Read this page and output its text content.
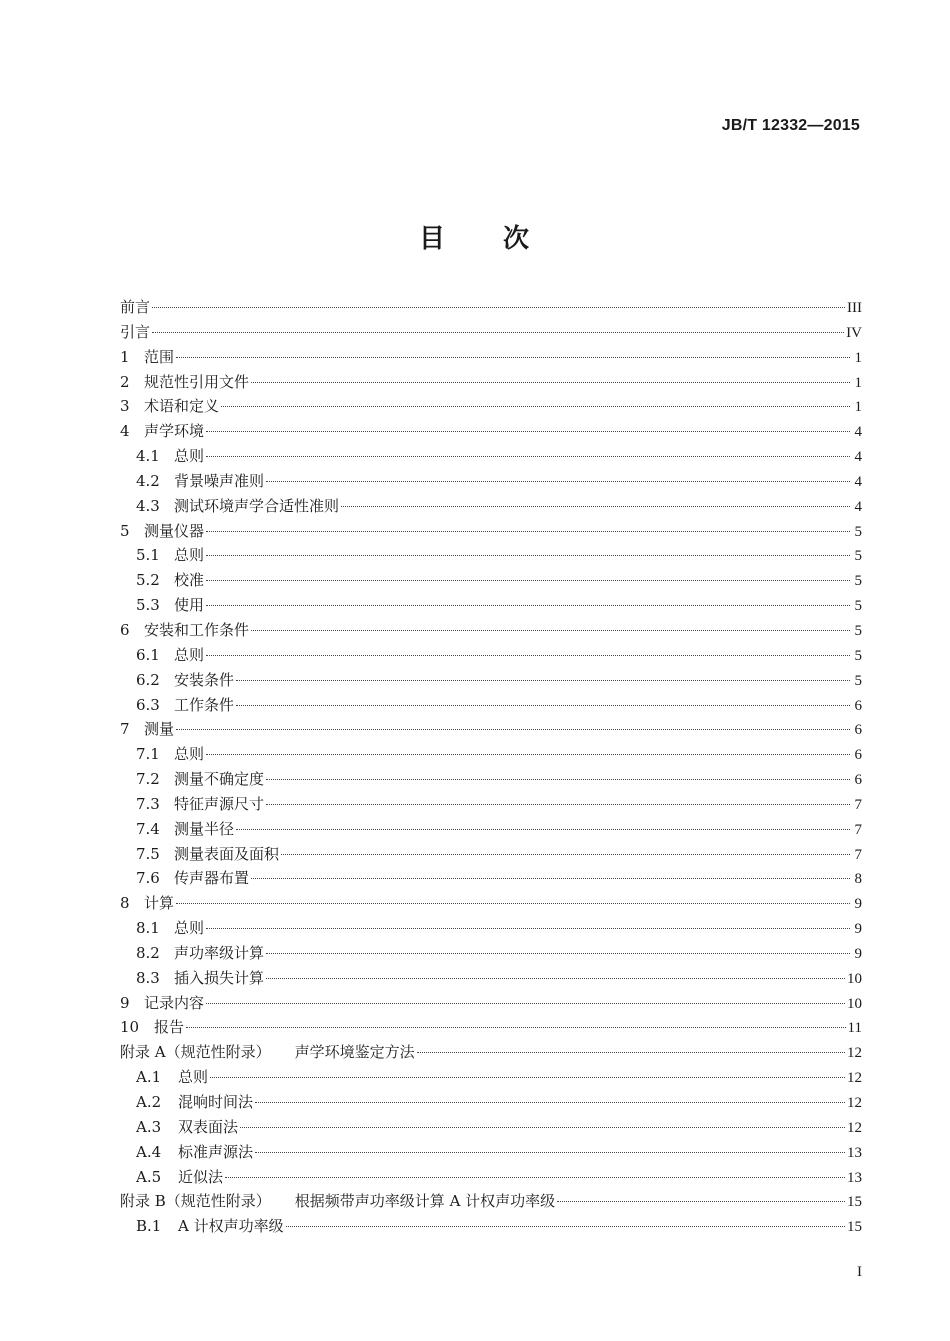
JB/T 12332—2015
目　　次
前言	III
引言	IV
1 范围	1
2 规范性引用文件	1
3 术语和定义	1
4 声学环境	4
4.1 总则	4
4.2 背景噪声准则	4
4.3 测试环境声学合适性准则	4
5 测量仪器	5
5.1 总则	5
5.2 校准	5
5.3 使用	5
6 安装和工作条件	5
6.1 总则	5
6.2 安装条件	5
6.3 工作条件	6
7 测量	6
7.1 总则	6
7.2 测量不确定度	6
7.3 特征声源尺寸	7
7.4 测量半径	7
7.5 测量表面及面积	7
7.6 传声器布置	8
8 计算	9
8.1 总则	9
8.2 声功率级计算	9
8.3 插入损失计算	10
9 记录内容	10
10 报告	11
附录 A（规范性附录） 声学环境鉴定方法	12
A.1	总则	12
A.2	混响时间法	12
A.3	双表面法	12
A.4	标准声源法	13
A.5	近似法	13
附录 B（规范性附录） 根据频带声功率级计算 A 计权声功率级	15
B.1	A 计权声功率级	15
I
